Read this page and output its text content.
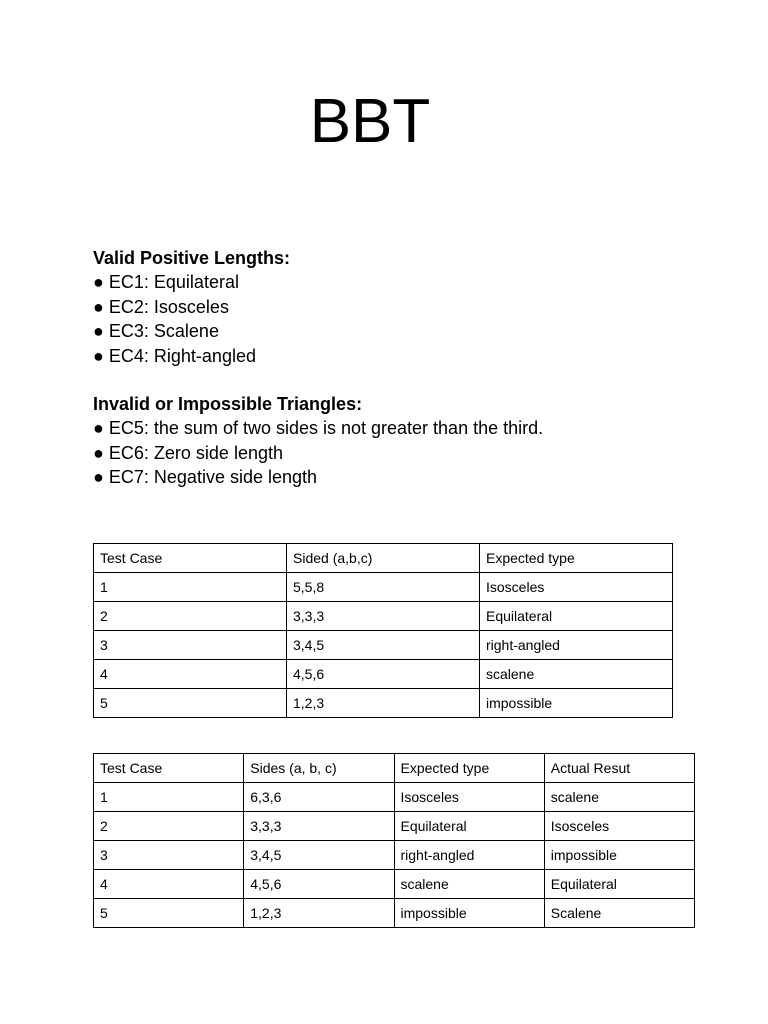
BBT

Valid Positive Lengths:

● EC1: Equilateral
● EC2: Isosceles
● EC3: Scalene
● EC4: Right-angled

Invalid or Impossible Triangles:

● EC5: the sum of two sides is not greater than the third.
● EC6: Zero side length
● EC7: Negative side length
Test Case	Sided (a,b,c)	Expected type
1	5,5,8	Isosceles
2	3,3,3	Equilateral
3	3,4,5	right-angled
4	4,5,6	scalene
5	1,2,3	impossible
Test Case	Sides (a, b, c)	Expected type	Actual Resut
1	6,3,6	Isosceles	scalene
2	3,3,3	Equilateral	Isosceles
3	3,4,5	right-angled	impossible
4	4,5,6	scalene	Equilateral
5	1,2,3	impossible	Scalene
